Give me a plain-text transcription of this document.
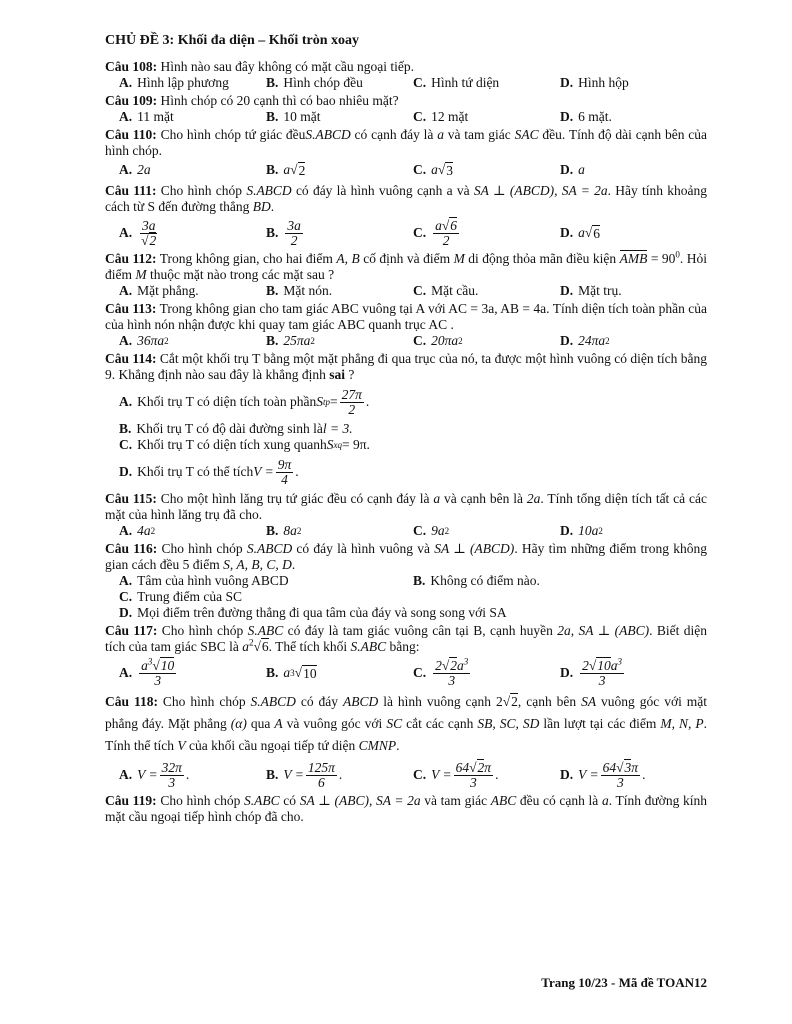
CHỦ ĐỀ 3: Khối đa diện – Khối tròn xoay
Câu 108: Hình nào sau đây không có mặt cầu ngoại tiếp.
A. Hình lập phương	B. Hình chóp đều	C. Hình tứ diện	D. Hình hộp
Câu 109: Hình chóp có 20 cạnh thì có bao nhiêu mặt?
A. 11 mặt	B. 10 mặt	C. 12 mặt	D. 6 mặt.
Câu 110: Cho hình chóp tứ giác đềuS.ABCD có cạnh đáy là a và tam giác SAC đều. Tính độ dài cạnh bên của hình chóp.
A. 2a	B. a √ 2	C. a √ 3	D. a
Câu 111: Cho hình chóp S.ABCD có đáy là hình vuông cạnh a và SA ⊥ (ABCD), SA = 2a. Hãy tính khoảng cách từ S đến đường thẳng BD.
A. $\frac{3a}{√2}$	B. $\frac{3a}{2}$	C. $\frac{a√6}{2}$	D. a √ 6
Câu 112: Trong không gian, cho hai điểm A, B cố định và điểm M di động thỏa mãn điều kiện AMB = $90^0$. Hỏi điểm M thuộc mặt nào trong các mặt sau ?
A. Mặt phẳng.	B. Mặt nón.	C. Mặt cầu.	D. Mặt trụ.
Câu 113: Trong không gian cho tam giác ABC vuông tại A với AC = 3a, AB = 4a. Tính diện tích toàn phần của của hình nón nhận được khi quay tam giác ABC quanh trục AC .
A. 36πa 2	B. 25πa 2	C. 20πa 2	D. 24πa 2
Câu 114: Cắt một khối trụ T bằng một mặt phẳng đi qua trục của nó, ta được một hình vuông có diện tích bằng 9. Khẳng định nào sau đây là khẳng định sai ?
A. Khối trụ T có diện tích toàn phần S tp = $\frac{27\pi}{2}$ .
B. Khối trụ T có độ dài đường sinh là l = 3.
C. Khối trụ T có diện tích xung quanh S xq = 9π.
D. Khối trụ T có thể tích $V = \frac{9\pi}{4}$ .
Câu 115: Cho một hình lăng trụ tứ giác đều có cạnh đáy là a và cạnh bên là 2a. Tính tổng diện tích tất cả các mặt của hình lăng trụ đã cho.
A. 4a 2	B. 8a 2	C. 9a 2	D. 10a 2
Câu 116: Cho hình chóp S.ABCD có đáy là hình vuông và SA ⊥ (ABCD). Hãy tìm những điểm trong không gian cách đều 5 điểm S, A, B, C, D.
A. Tâm của hình vuông ABCD	B. Không có điểm nào.
C. Trung điểm của SC
D. Mọi điểm trên đường thẳng đi qua tâm của đáy và song song với SA
Câu 117: Cho hình chóp S.ABC có đáy là tam giác vuông cân tại B, cạnh huyền 2a, SA ⊥ (ABC). Biết diện tích của tam giác SBC là $a^2√6$. Thể tích khối S.ABC bằng:
A. $\frac{a^3√10}{3}$	B. a 3 √ 10	C. $\frac{2√2a^3}{3}$	D. $\frac{2√10a^3}{3}$
Câu 118: Cho hình chóp S.ABCD có đáy ABCD là hình vuông cạnh 2√2, cạnh bên SA vuông góc với mặt phẳng đáy. Mặt phẳng (α) qua A và vuông góc với SC cắt các cạnh SB, SC, SD lần lượt tại các điểm M, N, P. Tính thể tích V của khối cầu ngoại tiếp tứ diện CMNP.
A. $V = \frac{32\pi}{3}$ .	B. $V = \frac{125\pi}{6}$ .	C. $V = \frac{64√2\pi}{3}$ .	D. $V = \frac{64√3\pi}{3}$ .
Câu 119: Cho hình chóp S.ABC có SA ⊥ (ABC), SA = 2a và tam giác ABC đều có cạnh là a. Tính đường kính mặt cầu ngoại tiếp hình chóp đã cho.
Trang 10/23 - Mã đề TOAN12
